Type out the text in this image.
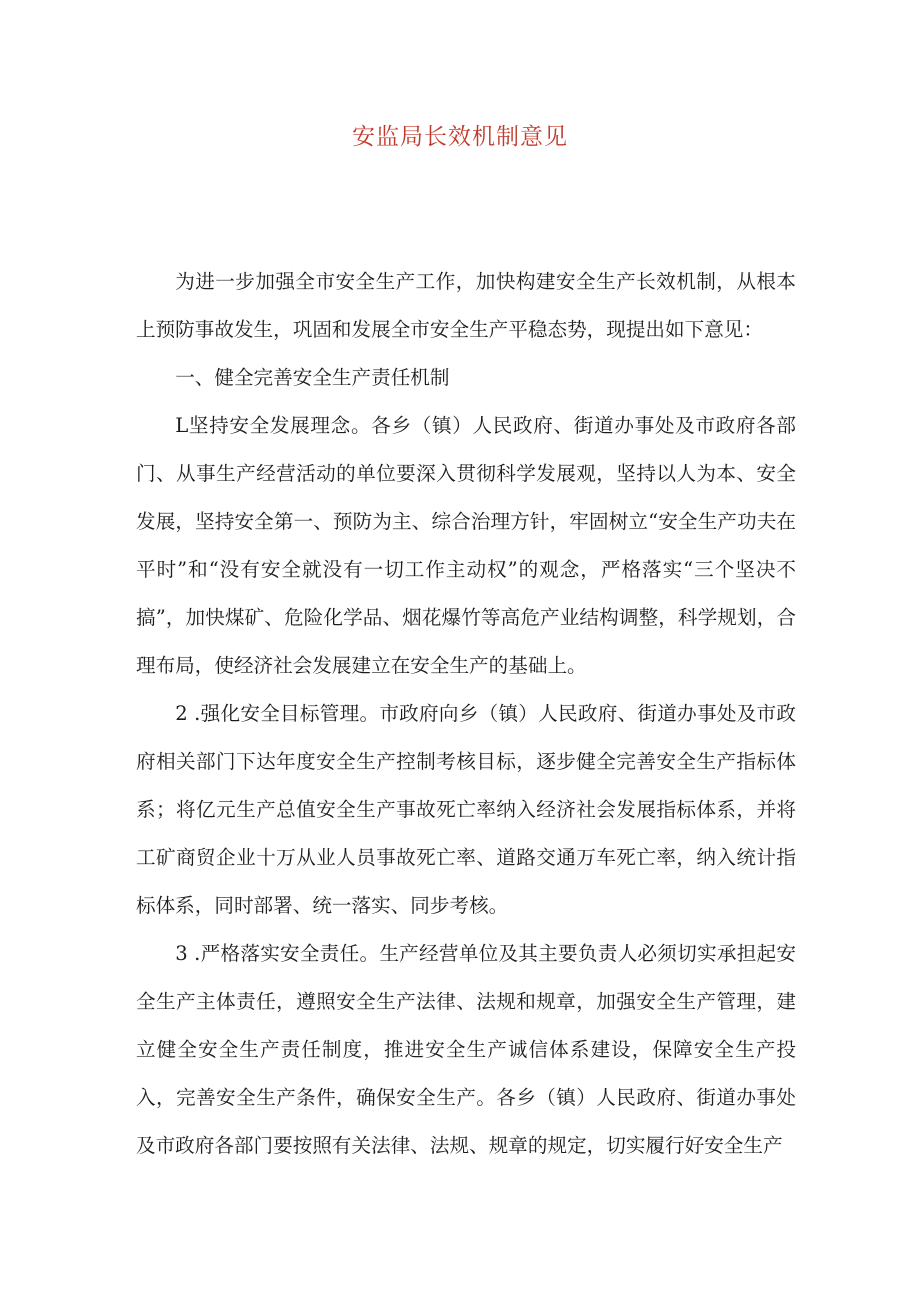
安监局长效机制意见

为进一步加强全市安全生产工作，加快构建安全生产长效机制，从根本上预防事故发生，巩固和发展全市安全生产平稳态势，现提出如下意见：

一、健全完善安全生产责任机制

L坚持安全发展理念。各乡（镇）人民政府、街道办事处及市政府各部门、从事生产经营活动的单位要深入贯彻科学发展观，坚持以人为本、安全发展，坚持安全第一、预防为主、综合治理方针，牢固树立“安全生产功夫在平时”和“没有安全就没有一切工作主动权”的观念，严格落实“三个坚决不搞”，加快煤矿、危险化学品、烟花爆竹等高危产业结构调整，科学规划，合理布局，使经济社会发展建立在安全生产的基础上。

2 .强化安全目标管理。市政府向乡（镇）人民政府、街道办事处及市政府相关部门下达年度安全生产控制考核目标，逐步健全完善安全生产指标体系；将亿元生产总值安全生产事故死亡率纳入经济社会发展指标体系，并将工矿商贸企业十万从业人员事故死亡率、道路交通万车死亡率，纳入统计指标体系，同时部署、统一落实、同步考核。

3 .严格落实安全责任。生产经营单位及其主要负责人必须切实承担起安全生产主体责任，遵照安全生产法律、法规和规章，加强安全生产管理，建立健全安全生产责任制度，推进安全生产诚信体系建设，保障安全生产投入，完善安全生产条件，确保安全生产。各乡（镇）人民政府、街道办事处及市政府各部门要按照有关法律、法规、规章的规定，切实履行好安全生产
